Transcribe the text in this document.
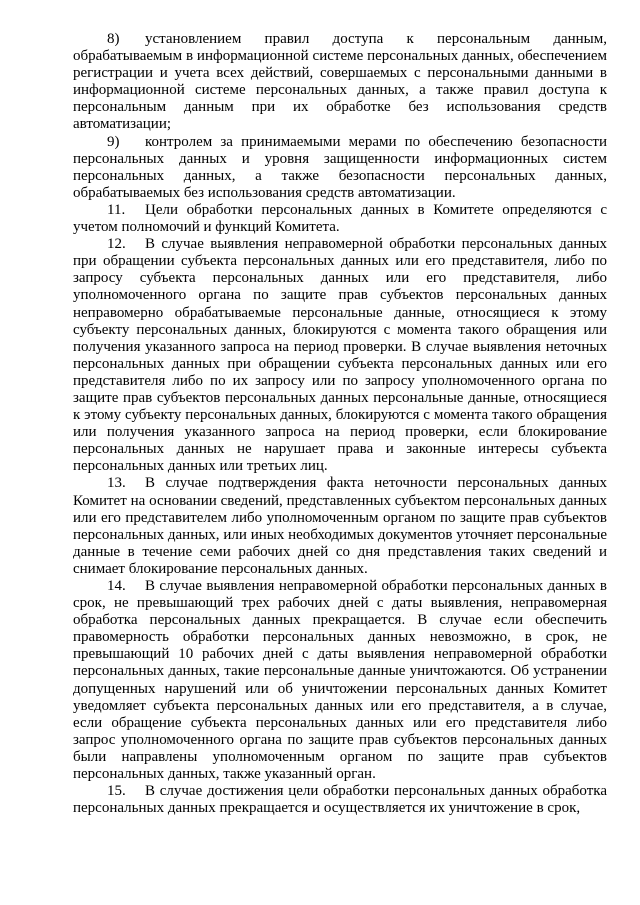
8) установлением правил доступа к персональным данным, обрабатываемым в информационной системе персональных данных, обеспечением регистрации и учета всех действий, совершаемых с персональными данными в информационной системе персональных данных, а также правил доступа к персональным данным при их обработке без использования средств автоматизации;

9) контролем за принимаемыми мерами по обеспечению безопасности персональных данных и уровня защищенности информационных систем персональных данных, а также безопасности персональных данных, обрабатываемых без использования средств автоматизации.

11. Цели обработки персональных данных в Комитете определяются с учетом полномочий и функций Комитета.

12. В случае выявления неправомерной обработки персональных данных при обращении субъекта персональных данных или его представителя, либо по запросу субъекта персональных данных или его представителя, либо уполномоченного органа по защите прав субъектов персональных данных неправомерно обрабатываемые персональные данные, относящиеся к этому субъекту персональных данных, блокируются с момента такого обращения или получения указанного запроса на период проверки. В случае выявления неточных персональных данных при обращении субъекта персональных данных или его представителя либо по их запросу или по запросу уполномоченного органа по защите прав субъектов персональных данных персональные данные, относящиеся к этому субъекту персональных данных, блокируются с момента такого обращения или получения указанного запроса на период проверки, если блокирование персональных данных не нарушает права и законные интересы субъекта персональных данных или третьих лиц.

13. В случае подтверждения факта неточности персональных данных Комитет на основании сведений, представленных субъектом персональных данных или его представителем либо уполномоченным органом по защите прав субъектов персональных данных, или иных необходимых документов уточняет персональные данные в течение семи рабочих дней со дня представления таких сведений и снимает блокирование персональных данных.

14. В случае выявления неправомерной обработки персональных данных в срок, не превышающий трех рабочих дней с даты выявления, неправомерная обработка персональных данных прекращается. В случае если обеспечить правомерность обработки персональных данных невозможно, в срок, не превышающий 10 рабочих дней с даты выявления неправомерной обработки персональных данных, такие персональные данные уничтожаются. Об устранении допущенных нарушений или об уничтожении персональных данных Комитет уведомляет субъекта персональных данных или его представителя, а в случае, если обращение субъекта персональных данных или его представителя либо запрос уполномоченного органа по защите прав субъектов персональных данных были направлены уполномоченным органом по защите прав субъектов персональных данных, также указанный орган.

15. В случае достижения цели обработки персональных данных обработка персональных данных прекращается и осуществляется их уничтожение в срок,
